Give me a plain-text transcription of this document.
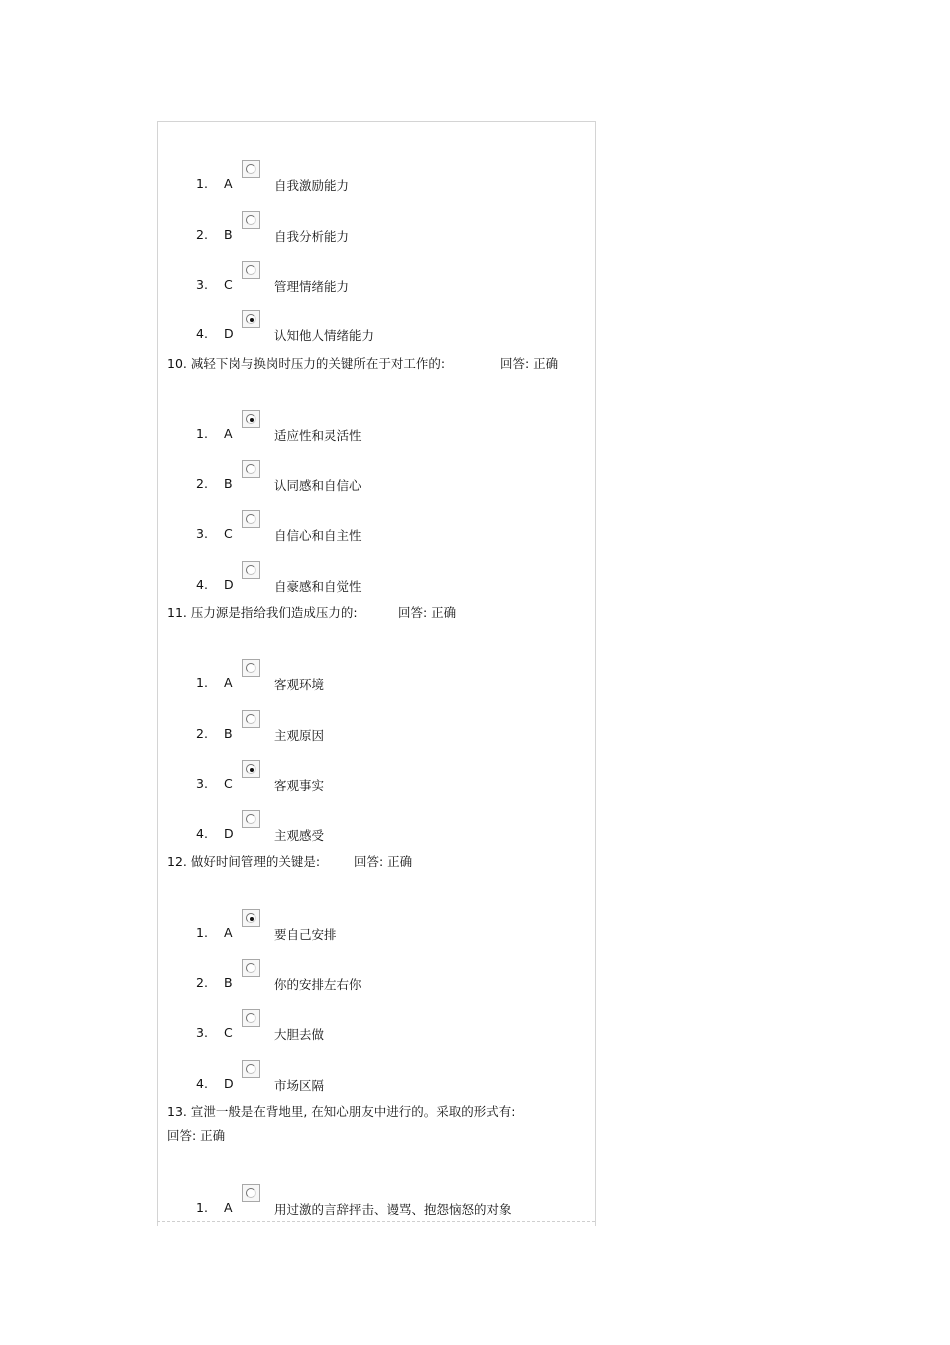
1. A	自我激励能力
2. B	自我分析能力
3. C	管理情绪能力
4. D	认知他人情绪能力
10. 减轻下岗与换岗时压力的关键所在于对工作的:	回答: 正确
1. A	适应性和灵活性
2. B	认同感和自信心
3. C	自信心和自主性
4. D	自豪感和自觉性
11. 压力源是指给我们造成压力的:	回答: 正确
1. A	客观环境
2. B	主观原因
3. C	客观事实
4. D	主观感受
12. 做好时间管理的关键是:	回答: 正确
1. A	要自己安排
2. B	你的安排左右你
3. C	大胆去做
4. D	市场区隔
13. 宣泄一般是在背地里, 在知心朋友中进行的。采取的形式有:
回答: 正确
1. A	用过激的言辞抨击、谩骂、抱怨恼怒的对象
